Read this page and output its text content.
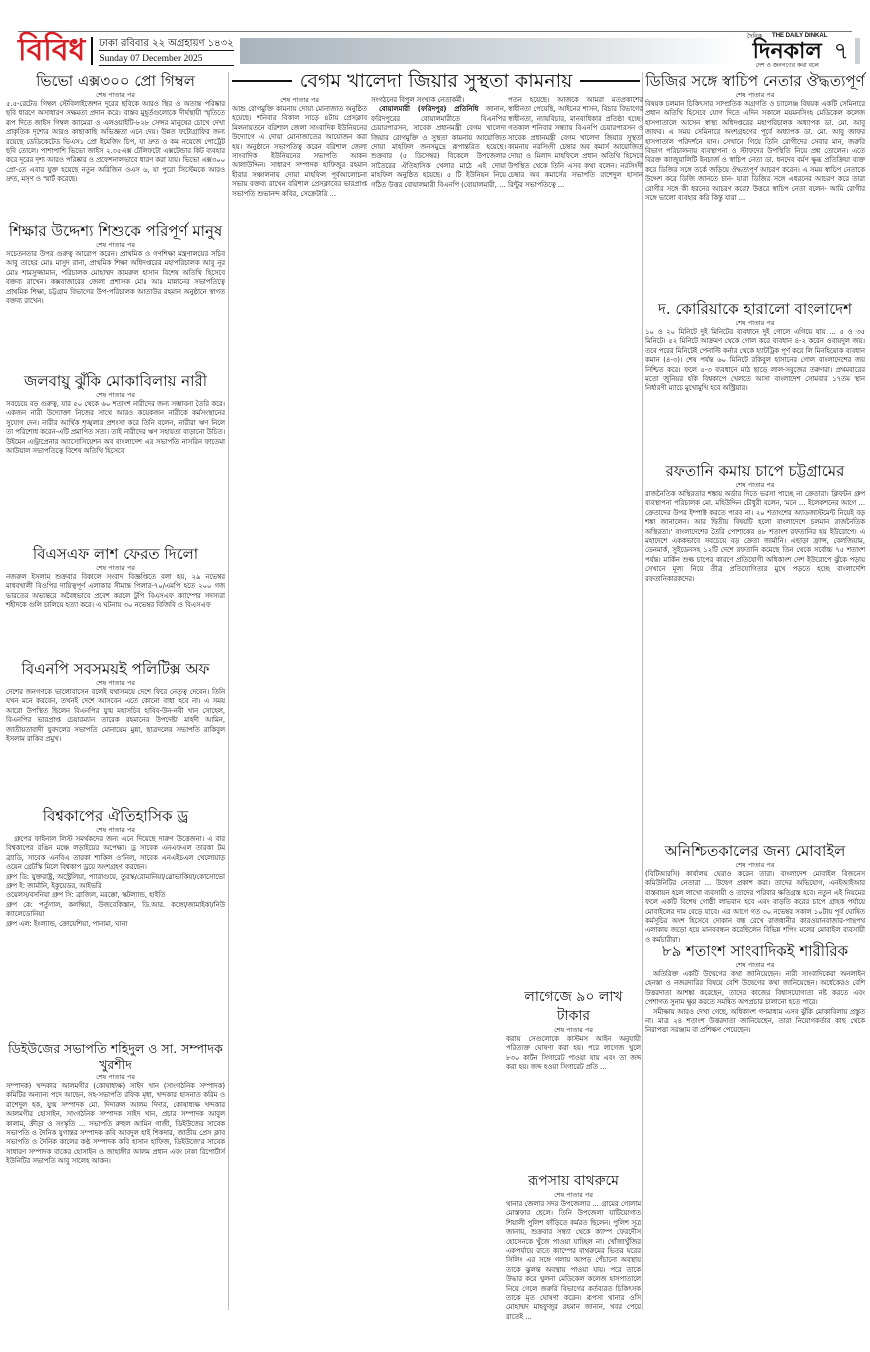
বিবিধ ঢাকা রবিবার ২২ অগ্রহায়ণ ১৪৩২
Sunday 07 December 2025
দৈনিক THE DAILY DINKAL
দিনকাল
দেশ ও জনগণের কথা বলে
৭
ভিভো এক্স৩০০ প্রো গিম্বল
শেষ পাতার পর
৫.৫-রেটেড গিম্বল স্টেবিলাইজেশন দূরের ছবিকে আরও স্থির ও অত্যন্ত পরিষ্কার ছবি ধারণে অসাধারণ সক্ষমতা প্রদান করে। বাস্তব মুহূর্তগুলোকে দীর্ঘস্থায়ী স্মৃতিতে রূপ দিতে জাইস গিম্বল ক্যামেরা ও এলওয়াইটি-৮২৮ সেন্সর মানুষের চোখে দেখা প্রাকৃতিক দৃশ্যের আরও কাছাকাছি অভিজ্ঞতা এনে দেয়। উন্নত ফটোগ্রাফির জন্য রয়েছে ডেডিকেটেড ভিএস১ প্রো ইমেজিং চিপ, যা দ্রুত ও কম নয়েজে পোর্ট্রেট ছবি তোলে। পাশাপাশি ভিভো জাইস ২.৩৫এক্স টেলিফটো এক্সটেন্ডার কিট ব্যবহার করে দূরের দৃশ্য আরও পরিষ্কার ও প্রফেশনালভাবে ধারণ করা যায়। ভিভো এক্স৩০০ প্রো-তে এবার যুক্ত হয়েছে নতুন অরিজিন ওএস ৬, যা পুরো সিস্টেমকে আরও দ্রুত, মসৃণ ও স্মার্ট করেছে।
শিক্ষার উদ্দেশ্য শিশুকে পরিপূর্ণ মানুষ
শেষ পাতার পর
সচেতনতার উপর গুরুত্ব আরোপ করেন। প্রাথমিক ও গণশিক্ষা মন্ত্রণালয়ের সচিব আবু তাহের মোঃ মাসুদ রানা, প্রাথমিক শিক্ষা অধিদপ্তরের মহাপরিচালক আবু নূর মোঃ শামসুজ্জামান, পরিচালক মোহাম্মদ কামরুল হাসান বিশেষ অতিথি হিসেবে বক্তব্য রাখেন। কক্সবাজারের জেলা প্রশাসক মোঃ আঃ মান্নানের সভাপতিত্বে প্রাথমিক শিক্ষা, চট্টগ্রাম বিভাগের উপ-পরিচালক আতাউর রহমান অনুষ্ঠানে স্বাগত বক্তব্য রাখেন।
জলবায়ু ঝুঁকি মোকাবিলায় নারী
শেষ পাতার পর
সবচেয়ে বড় গুরুত্ব, যার ৫০ থেকে ৬০ শতাংশ নারীদের জন্য সম্ভাবনা তৈরি করে। একজন নারী উদ্যোক্তা নিজের সাথে আরও কয়েকজন নারীকে কর্মসংস্থানের সুযোগ দেন। নারীর আর্থিক শৃঙ্খলার প্রশংসা করে তিনি বলেন, নারীরা ঋণ নিলে তা পরিশোধ করেন-এটি প্রমাণিত সত্য। তাই নারীদের ঋণ সহায়তা বাড়ানো উচিত। উইমেন এন্ট্রাপ্রেনার অ্যাসোসিয়েশন অব বাংলাদেশ এর সভাপতি নাসরিন ফাতেমা আউয়াল সভাপতিত্বে বিশেষ অতিথি হিসেবে
বিএসএফ লাশ ফেরত দিলো
শেষ পাতার পর
নজরুল ইসলাম শুক্রবার বিকালে সংবাদ বিজ্ঞপ্তিতে বলা হয়, ২৯ নভেম্বর মাধবখালী বিওপির দায়িত্বপূর্ণ এলাকার সীমান্ত পিলার-৭০/এমপি হতে ২০০ গজ ভারতের অভ্যন্তরে অবৈধভাবে প্রবেশ করলে টুপি বিএসএফ ক্যাম্পের সদস্যরা শহীদকে গুলি চালিয়ে হত্যা করে। এ ঘটনায় ৩০ নভেম্বর বিজিবি ও বিএসএফ
বিএনপি সবসময়ই পলিটিক্স অফ
শেষ পাতার পর
দেশের জনগণকে ভালোবাসেন বলেই যথাসময়ে দেশে ফিরে নেতৃত্ব দেবেন। তিনি যখন মনে করবেন, তখনই দেশে আসবেন এতে কোনো বাধা হবে না। এ সময় আরো উপস্থিত ছিলেন বিএনপির যুগ্ম মহাসচিব হাবিব-উন-নবী খান সোহেল, বিএনপির ভারপ্রাপ্ত চেয়ারম্যান তারেক রহমানের উপদেষ্টা মাহদী আমিন, জাতীয়তাবাদী যুবদলের সভাপতি মোনায়েম মুন্না, ছাত্রদলের সভাপতি রাকিবুল ইসলাম রাকিব প্রমুখ।
বিশ্বকাপের ঐতিহাসিক ড্র
শেষ পাতার পর

গ্রুপের ফাইনাল লিস্ট সমর্থকদের জন্য এনে দিয়েছে দারুণ উত্তেজনা। এ বার বিশ্বকাপের রঙিন মঞ্চে লড়াইয়ের অপেক্ষা। ড্র সাবেক এনএফএল তারকা টম ব্র্যাডি, সাবেক এনবিএ তারকা শাকিল ও'নিল, সাবেক এনএইচএল খেলোয়াড় ওয়েন গ্রেটস্কি মিলে বিশ্বকাপ ড্রয়ে অংশগ্রহণ করছেন।

গ্রুপ ডি: যুক্তরাষ্ট্র, অস্ট্রেলিয়া, প্যারাগুয়ে, তুরস্ক/রোমানিয়া/স্লোভাকিয়া/কোসোভো গ্রুপ ই: জার্মানি, ইকুয়েডর, আইভরি
ওয়েলস/বসনিয়া গ্রুপ সি: ব্রাজিল, মরক্কো, স্কটল্যান্ড, হাইতি
গ্রুপ কে: পর্তুগাল, কলম্বিয়া, উজবেকিস্তান, ডি.আর. কঙ্গো/জামাইকা/নিউ ক্যালেডোনিয়া
গ্রুপ এল: ইংল্যান্ড, ক্রোয়েশিয়া, পানামা, ঘানা
ডিইউজের সভাপতি শহিদুল ও সা. সম্পাদক খুরশীদ
শেষ পাতার পর
সম্পাদক) খন্দকার আলমগীর (কোষাধ্যক্ষ) সাইদ খান (সাংগঠনিক সম্পাদক) কমিটির অন্যান্য পদে আছেন, সহ-সভাপতি রফিক মৃধা, খন্দকার হাসনাত করিম ও রাশেদুল হক, যুগ্ম সম্পাদক মো. দিদারুল আলম দিদার, কোষাধ্যক্ষ খন্দকার আলমগীর হোসাইন, সাংগঠনিক সম্পাদক সাইদ খান, প্রচার সম্পাদক আবুল কালাম, ক্রীড়া ও সংস্কৃতি ... সভাপতি রুহুল আমিন গাজী, ডিইউজের সাবেক সভাপতি ও দৈনিক যুগান্তর সম্পাদক কবি আবদুল হাই শিকদার, জাতীয় প্রেস ক্লাব সভাপতি ও দৈনিক কালের কণ্ঠ সম্পাদক কবি হাসান হাফিজ, ডিইউজে'র সাবেক সাধারণ সম্পাদক বাকের হোসাইন ও জাহাঙ্গীর আলম প্রধান এবং ঢাকা রিপোর্টার্স ইউনিটির সভাপতি আবু সালেহ আকন।
বেগম খালেদা জিয়ার সুস্থতা কামনায়
শেষ পাতার পর
আশু রোগমুক্তি কামনায় দোয়া মোনাজাত অনুষ্ঠিত হয়েছে। শনিবার বিকাল সাড়ে ৪টায় প্রেসক্লাব মিলনায়তনে বরিশাল জেলা সাংবাদিক ইউনিয়নের উদ্যোগে এ দোয়া মোনাজাতের আয়োজন করা হয়। অনুষ্ঠানে সভাপতিত্ব করেন বরিশাল জেলা সাংবাদিক ইউনিয়নের সভাপতি আকন আলাউদ্দিন। সাধারণ সম্পাদক হাফিজুর রহমান হীরার সঞ্চালনায় দোয়া মাহফিল পূর্বআলোচনা সভায় বক্তব্য রাখেন বরিশাল প্রেসক্লাবের ভারপ্রাপ্ত সভাপতি শুভানন্দ কবির, সেক্রেটারি ...
সংগঠনের বিপুল সংখ্যক নেতাকর্মী।

বোয়ালমারী (ফরিদপুর) প্রতিনিধি জানান, ফরিদপুরের বোয়ালমারীতে বিএনপির চেয়ারপারসন, সাবেক প্রধানমন্ত্রী বেগম খালেদা জিয়ার রোগমুক্তি ও সুস্থতা কামনায় আয়োজিত দোয়া মাহফিল জনসমুদ্রে রূপান্তরিত হয়েছে। শুক্রবার (৫ ডিসেম্বর) বিকেলে উপজেলার সাতৈরের ঐতিহাসিক খেলার মাঠে এই দোয়া মাহফিল অনুষ্ঠিত হয়েছে। ৫ টি ইউনিয়ন নিয়ে গঠিত উত্তর বোয়ালমারী বিএনপি (বোয়ালমারী, ...

পতন হয়েছে। আজকে আমরা মতপ্রকাশের স্বাধীনতা পেয়েছি, আইনের শাসন, বিচার বিভাগের স্বাধীনতা, ন্যায়বিচার, মানবাধিকার প্রতিষ্ঠা হচ্ছে। গতকাল শনিবার সন্ধ্যায় বিএনপি চেয়ারপারসন ও সাবেক প্রধানমন্ত্রী বেগম খালেদা জিয়ার সুস্থতা কামনায় নরসিংদী চেম্বার অব কমার্স আয়োজিত দোয়া ও মিলাদ মাহফিলে প্রধান অতিথি হিসেবে উপস্থিত থেকে তিনি এসব কথা বলেন। নরসিংদী চেম্বার অব কমার্সের সভাপতি রাশেদুল হাসান রিন্টুর সভাপতিত্বে ...
লাগেজে ৯০ লাখ টাকার
শেষ পাতার পর
করায় সেগুলোকে কাস্টমস আইন অনুযায়ী পরিত্যক্ত ঘোষণা করা হয়। পরে লাগেজ খুলে ৮৩০ কার্টন সিগারেট পাওয়া যায় এবং তা জব্দ করা হয়। জব্দ হওয়া সিগারেট প্রতি ...
রূপসায় বাথরুমে
শেষ পাতার পর
থানার জেলার সদর উপজেলার ... গ্রামের গোলাম মোস্তফার ছেলে। তিনি উপজেলা যাটিয়োগাত শিয়ালী পুলিশ ফাঁড়িতে কর্মরত ছিলেন। পুলিশ সূত্র জানায়, শুক্রবার সন্ধ্যা থেকে ক্যাম্প ফেরদৌস হোসেনকে খুঁজে পাওয়া যাচ্ছিল না। খোঁজাখুঁজির একপর্যায়ে রাতে ক্যাম্পের বাথরুমের ভিতর ঘরের সিলিং এর সঙ্গে গলায় আপড় পেঁচানো অবস্থায় তাকে ঝুলন্ত অবস্থায় পাওয়া যায়। পরে তাকে উদ্ধার করে খুলনা মেডিকেল কলেজ হাসপাতালে নিয়ে গেলে জরুরি বিভাগের কর্তব্যরত চিকিৎসক তাকে মৃত ঘোষণা করেন। রূপসা থানার ওসি মোহাম্মদ মাহফুজুর রহমান জানান, খবর পেয়ে রাতেই ...
ডিজির সঙ্গে স্বাচিপ নেতার ঔদ্ধত্যপূর্ণ
শেষ পাতার পর
বিষয়ক চলমান চিকিৎসার সাম্প্রতিক অগ্রগতি ও চ্যালেঞ্জ বিষয়ক একটি সেমিনারে প্রধান অতিথি হিসেবে যোগ দিতে এদিন সকালে ময়মনসিংহ মেডিকেল কলেজ হাসপাতালে আসেন স্বাস্থ্য অধিদপ্তরের মহাপরিচালক অধ্যাপক ডা. মো. আবু জাফর। এ সময় সেমিনারে অংশগ্রহণের পূর্বে অধ্যাপক ডা. মো. আবু জাফর হাসপাতাল পরিদর্শনে যান। সেখানে গিয়ে তিনি রোগীদের সেবার মান, জরুরি বিভাগ পরিচালনায় ব্যবস্থাপনা ও স্টাফদের উপস্থিতি নিয়ে প্রশ্ন তোলেন। এতে বিরক্ত ক্যাজুয়ালিটি ইনচার্জ ও স্বাচিপ নেতা ডা. ধনদেব বর্মণ ক্ষুব্ধ প্রতিক্রিয়া ব্যক্ত করে ডিজির সঙ্গে তর্কে জড়িয়ে ঔদ্ধত্যপূর্ণ আচরণ করেন। এ সময় স্বাচিপ নেতাকে উদ্দেশ করে ডিজি জানতে চান- যারা ডিজির সঙ্গে এধরনের আচরণ করে তারা রোগীর সঙ্গে কী ধরনের আচরণ করে? উত্তরে স্বাচিপ নেতা বলেন- আমি রোগীর সঙ্গে ভালো ব্যবহার করি কিন্তু যারা ...
দ. কোরিয়াকে হারালো বাংলাদেশ
শেষ পাতার পর
১০ ও ২০ মিনিটে দুই মিনিটের ব্যবধানে দুই গোলে এগিয়ে যায় ... ৫ ও ৩৫ মিনিটে। ৫২ মিনিটে আক্রমণ থেকে গোল করে ব্যবধান ৪-২ করেন ওবায়দুল জয়। তবে পরের মিনিটেই পেনাল্টি কর্নার থেকে হ্যাটট্রিক পূর্ণ করে লি মিনহিয়োক ব্যবধান কমান (৪-৩)। শেষ পর্যন্ত ৬০ মিনিটে রকিবুল হাসানের গোল বাংলাদেশের জয় নিশ্চিত করে। ফলে ৫-৩ ব্যবধানে মাঠ ছাড়ে লাল-সবুজের তরুণরা। প্রথমবারের মতো জুনিয়র হকি বিশ্বকাপে খেলতে আসা বাংলাদেশ সোমবার ১৭তম স্থান নির্ধারণী ম্যাচে মুখোমুখি হবে অস্ট্রিয়ার।
রফতানি কমায় চাপে চট্টগ্রামের
শেষ পাতার পর
রাজনৈতিক অস্থিরতার শঙ্কায় অর্ডার দিতে ভরসা পাচ্ছে না ক্রেতারা। ক্লিফটন গ্রুপ ব্যবস্থাপনা পরিচালক মো. মহিউদ্দিন চৌধুরী বলেন, 'মনে ... ইলেকশনের আগে ... ক্রেতাদের উপর ইম্পাক্ট করতে পারব না। ২০ শতাংশের অ্যাডজাস্টমেন্ট নিয়েই বড় শঙ্কা জানালেন। আর দ্বিতীয় বিষয়টি হলো বাংলাদেশে চলমান রাজনৈতিক অস্থিরতা।' বাংলাদেশের তৈরি পোশাকের ৪৮ শতাংশ রফতানির হয় ইউরোপে। এ মহাদেশে এককভাবে সবচেয়ে বড় ক্রেতা জার্মানি। এছাড়া ফ্রান্স, বেলজিয়াম, ডেনমার্ক, সুইডেনসহ ১২টি দেশে রফতানি কমেছে তিন থেকে সর্বোচ্চ ৭৫ শতাংশ পর্যন্ত। মার্কিন শুল্ক চাপের কারণে প্রতিযোগী অধিকাংশ দেশ ইউরোপে ঝুঁকে পড়ায় সেখানে মূল্য নিয়ে তীব্র প্রতিযোগিতার মুখে পড়তে হচ্ছে বাংলাদেশি রফতানিকারকদের।
অনিশ্চিতকালের জন্য মোবাইল
শেষ পাতার পর
(বিটিআরসি) কার্যালয় ঘেরাও করেন তারা। বাংলাদেশ মোবাইল বিজনেস কমিউনিটির নেতারা ... উদ্বেগ প্রকাশ করা। তাদের অভিযোগ, এনইআইআর বাস্তবায়ন হলে লাখো ব্যবসায়ী ও তাদের পরিবার ক্ষতিগ্রস্ত হবে। নতুন এই নিয়মের ফলে একটি বিশেষ গোষ্ঠী লাভবান হবে এবং বাড়তি করের চাপে গ্রাহক পর্যায়ে মোবাইলের দাম বেড়ে যাবে। এর আগে গত ৩০ নভেম্বর সকাল ১০টায় পূর্ব ঘোষিত কর্মসূচির অংশ হিসেবে দোকান বন্ধ রেখে রাজধানীর কারওয়ানবাজার-পান্থপথ এলাকায় জড়ো হয়ে মানববন্ধন করেছিলেন বিভিন্ন শপিং মলের মোবাইল ব্যবসায়ী ও কর্মচারীরা।
৮৯ শতাংশ সাংবাদিকই শারীরিক
শেষ পাতার পর

অতিরিক্ত একটি উদ্বেগের কথা জানিয়েছেন। নারী সাংবাদিকেরা অনলাইন হেনস্তা ও নজরদারির বিষয়ে বেশি উদ্বেগের কথা জানিয়েছেন। অর্ধেকেরও বেশি উত্তরদাতা আশঙ্কা করেছেন, তাদের কাজের বিশ্বাসযোগ্যতা নষ্ট করতে এবং পেশাগত সুনাম ক্ষুণ্ণ করতে সমন্বিত অপপ্রচার চালানো হতে পারে।

সমীক্ষায় আরও দেখা গেছে, অধিকাংশ গণমাধ্যম এসব ঝুঁকি মোকাবিলায় প্রস্তুত না। মাত্র ২৪ শতাংশ উত্তরদাতা জানিয়েছেন, তারা নিয়োগকর্তার কাছ থেকে নিরাপত্তা সরঞ্জাম বা প্রশিক্ষণ পেয়েছেন।
